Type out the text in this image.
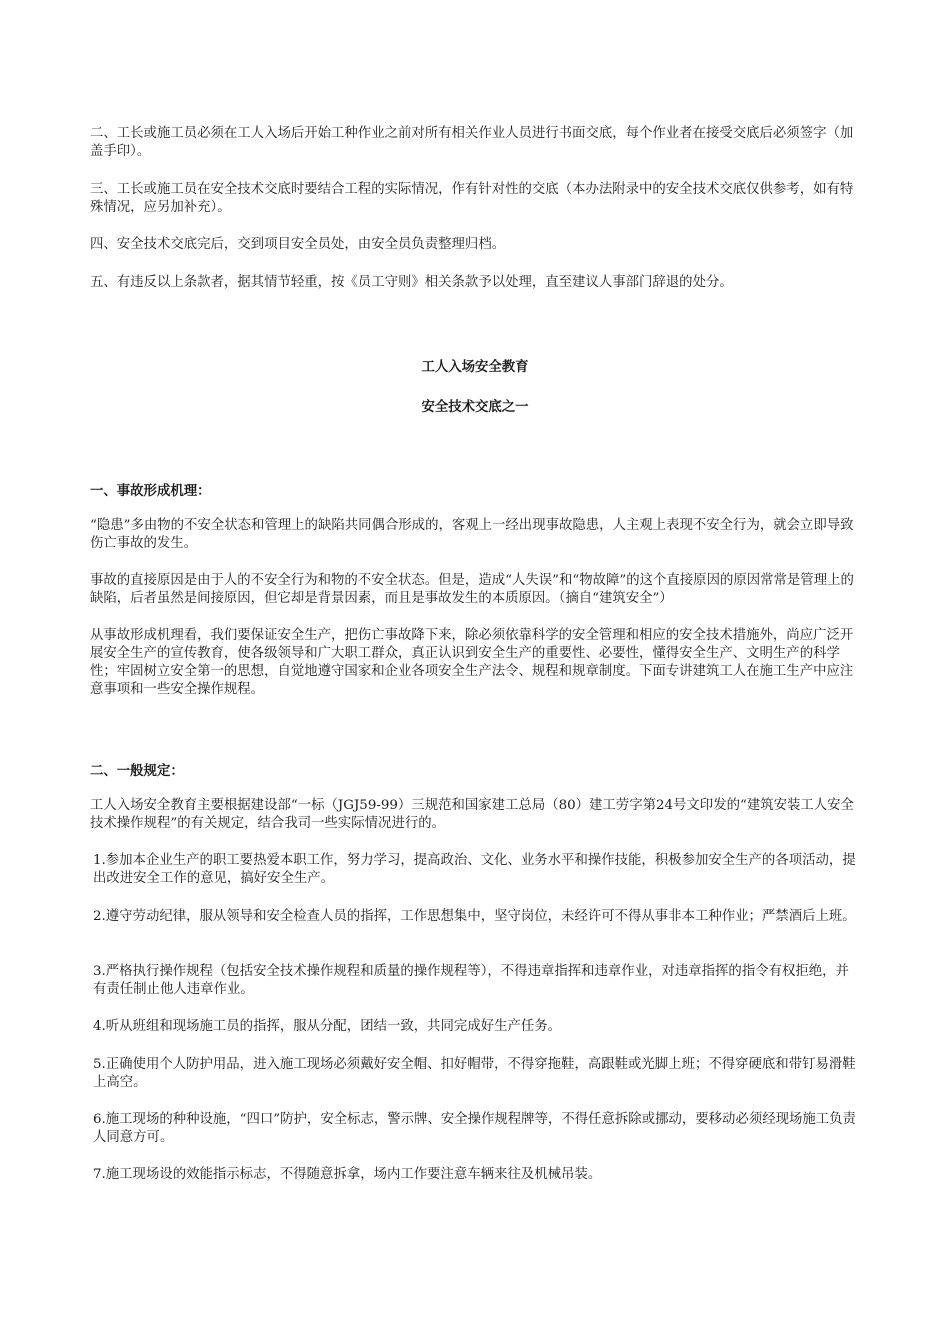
二、工长或施工员必须在工人入场后开始工种作业之前对所有相关作业人员进行书面交底，每个作业者在接受交底后必须签字（加盖手印）。

三、工长或施工员在安全技术交底时要结合工程的实际情况，作有针对性的交底（本办法附录中的安全技术交底仅供参考，如有特殊情况，应另加补充）。

四、安全技术交底完后，交到项目安全员处，由安全员负责整理归档。

五、有违反以上条款者，据其情节轻重，按《员工守则》相关条款予以处理，直至建议人事部门辞退的处分。

工人入场安全教育

安全技术交底之一

一、事故形成机理：

“隐患”多由物的不安全状态和管理上的缺陷共同偶合形成的，客观上一经出现事故隐患，人主观上表现不安全行为，就会立即导致伤亡事故的发生。

事故的直接原因是由于人的不安全行为和物的不安全状态。但是，造成“人失误”和“物故障”的这个直接原因的原因常常是管理上的缺陷，后者虽然是间接原因，但它却是背景因素，而且是事故发生的本质原因。（摘自“建筑安全”）

从事故形成机理看，我们要保证安全生产，把伤亡事故降下来，除必须依靠科学的安全管理和相应的安全技术措施外，尚应广泛开展安全生产的宣传教育，使各级领导和广大职工群众，真正认识到安全生产的重要性、必要性，懂得安全生产、文明生产的科学性；牢固树立安全第一的思想，自觉地遵守国家和企业各项安全生产法令、规程和规章制度。下面专讲建筑工人在施工生产中应注意事项和一些安全操作规程。

二、一般规定：

工人入场安全教育主要根据建设部“一标（JGJ59-99）三规范和国家建工总局（80）建工劳字第24号文印发的“建筑安装工人安全技术操作规程”的有关规定，结合我司一些实际情况进行的。

1.参加本企业生产的职工要热爱本职工作，努力学习，提高政治、文化、业务水平和操作技能，积极参加安全生产的各项活动，提出改进安全工作的意见，搞好安全生产。

2.遵守劳动纪律，服从领导和安全检查人员的指挥，工作思想集中，坚守岗位，未经许可不得从事非本工种作业；严禁酒后上班。

3.严格执行操作规程（包括安全技术操作规程和质量的操作规程等），不得违章指挥和违章作业，对违章指挥的指令有权拒绝，并有责任制止他人违章作业。

4.听从班组和现场施工员的指挥，服从分配，团结一致，共同完成好生产任务。

5.正确使用个人防护用品，进入施工现场必须戴好安全帽、扣好帽带，不得穿拖鞋，高跟鞋或光脚上班；不得穿硬底和带钉易滑鞋上高空。

6.施工现场的种种设施，“四口”防护，安全标志，警示牌、安全操作规程牌等，不得任意拆除或挪动，要移动必须经现场施工负责人同意方可。

7.施工现场设的效能指示标志，不得随意拆拿，场内工作要注意车辆来往及机械吊装。
